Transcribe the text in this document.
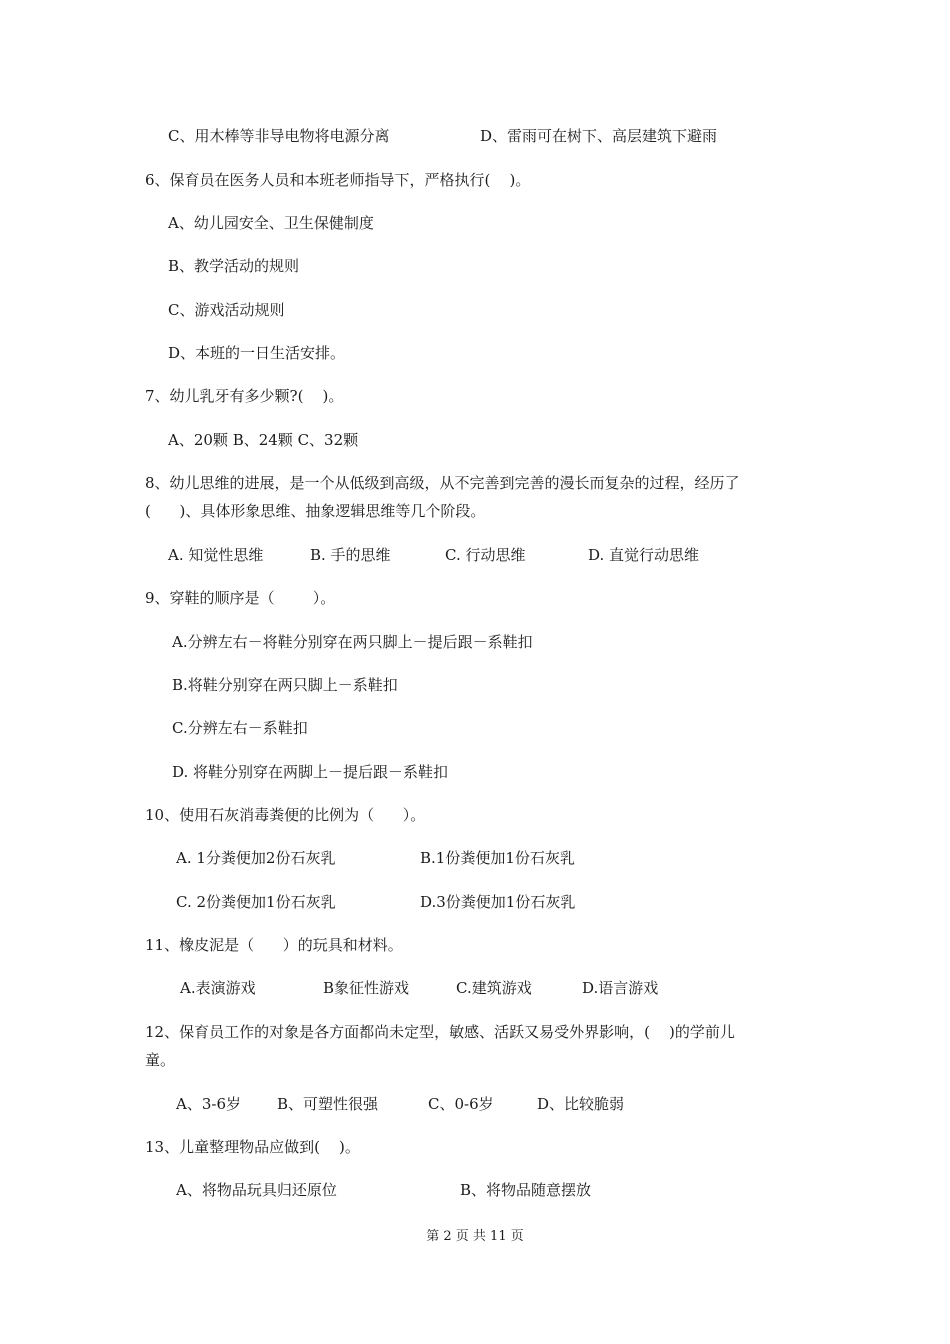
C、用木棒等非导电物将电源分离	D、雷雨可在树下、高层建筑下避雨
6、保育员在医务人员和本班老师指导下，严格执行(    )。
A、幼儿园安全、卫生保健制度
B、教学活动的规则
C、游戏活动规则
D、本班的一日生活安排。
7、幼儿乳牙有多少颗?(    )。
A、20颗 B、24颗 C、32颗
8、幼儿思维的进展，是一个从低级到高级，从不完善到完善的漫长而复杂的过程，经历了
(      )、具体形象思维、抽象逻辑思维等几个阶段。
A. 知觉性思维	B. 手的思维	C. 行动思维	D. 直觉行动思维
9、穿鞋的顺序是（        ）。
A.分辨左右－将鞋分别穿在两只脚上－提后跟－系鞋扣
B.将鞋分别穿在两只脚上－系鞋扣
C.分辨左右－系鞋扣
D. 将鞋分别穿在两脚上－提后跟－系鞋扣
10、使用石灰消毒粪便的比例为（      ）。
A. 1分粪便加2份石灰乳	B.1份粪便加1份石灰乳
C. 2份粪便加1份石灰乳	D.3份粪便加1份石灰乳
11、橡皮泥是（      ）的玩具和材料。
A.表演游戏	B象征性游戏	C.建筑游戏	D.语言游戏
12、保育员工作的对象是各方面都尚未定型，敏感、活跃又易受外界影响，(    )的学前儿
童。
A、3-6岁 B、可塑性很强	C、0-6岁	D、比较脆弱
13、儿童整理物品应做到(    )。
A、将物品玩具归还原位	B、将物品随意摆放
第 2 页 共 11 页
